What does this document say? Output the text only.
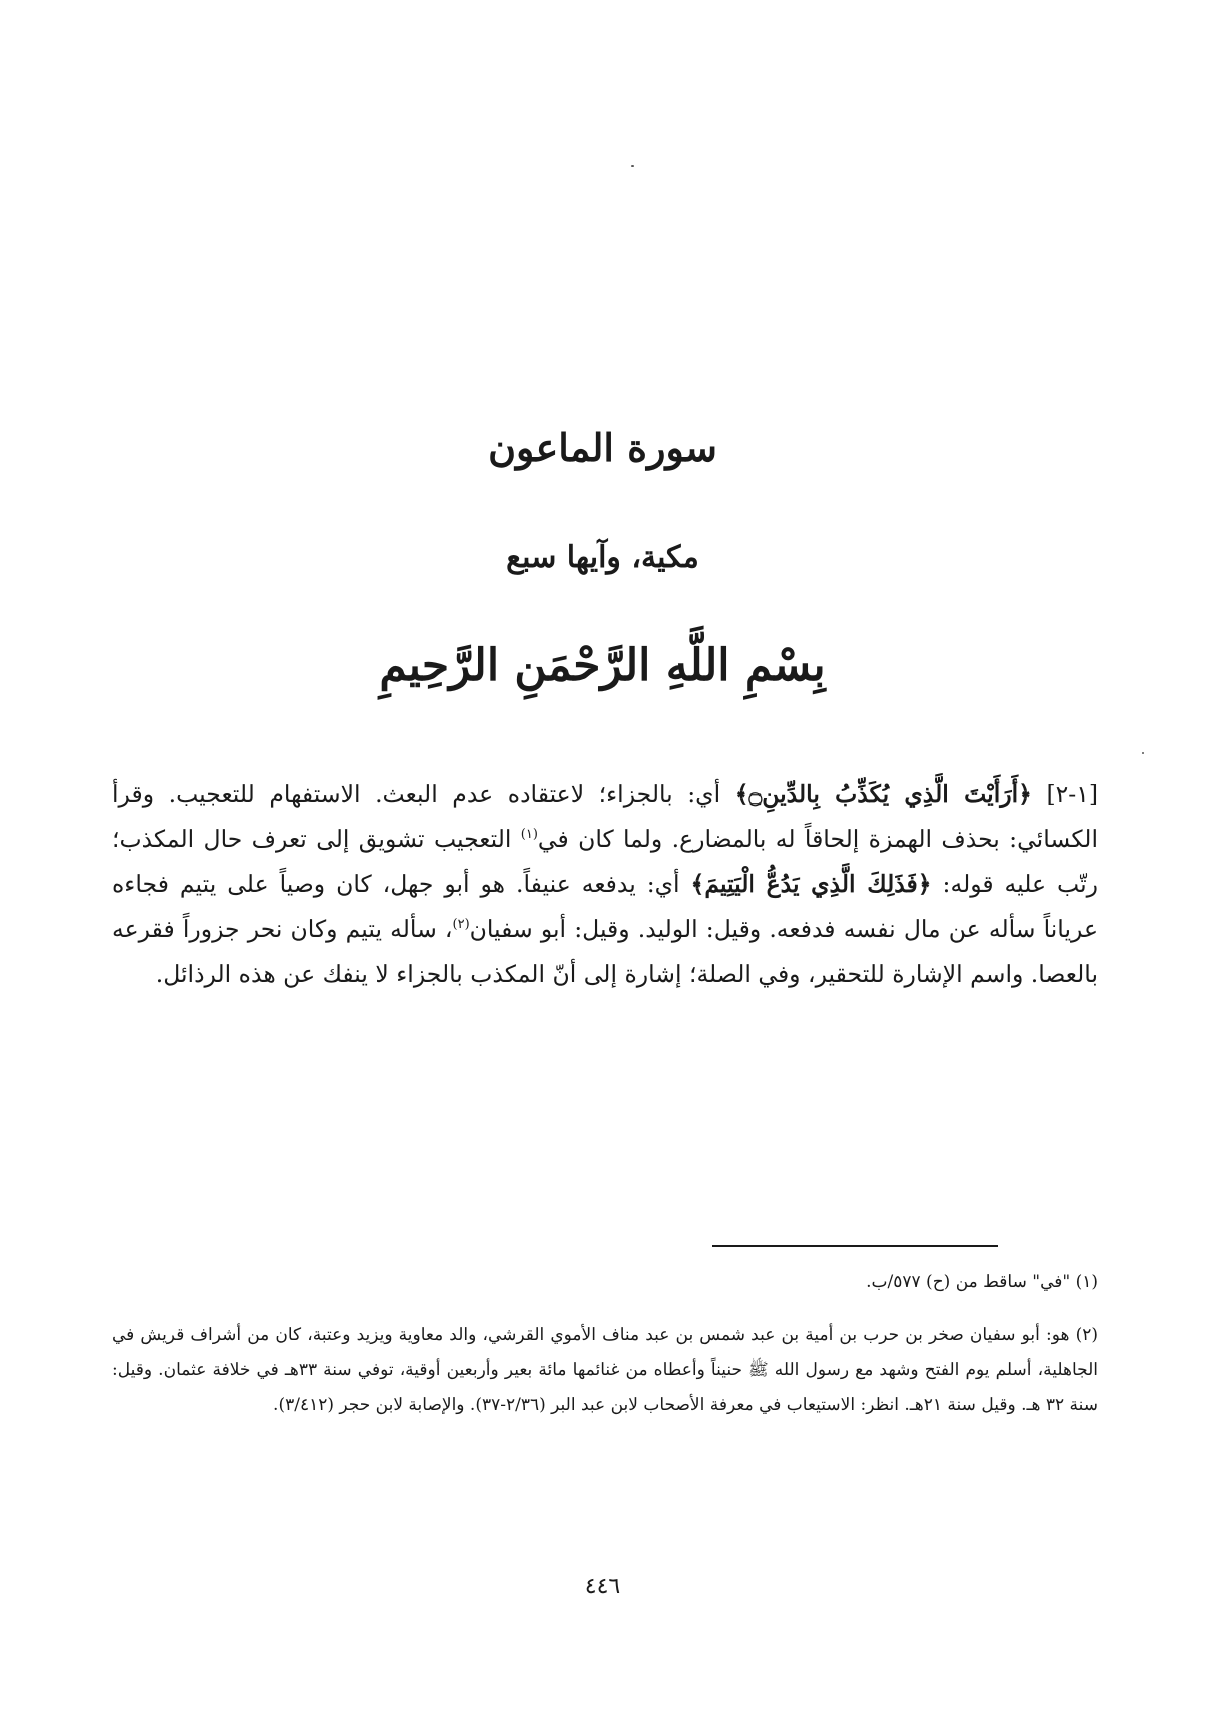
سورة الماعون
مكية، وآيها سبع
بِسْمِ اللَّهِ الرَّحْمَنِ الرَّحِيمِ

[١-٢] ﴿أَرَأَيْتَ الَّذِي يُكَذِّبُ بِالدِّينِ۝﴾ أي: بالجزاء؛ لاعتقاده عدم البعث. الاستفهام للتعجيب. وقرأ الكسائي: بحذف الهمزة إلحاقاً له بالمضارع. ولما كان في$^{(١)}$ التعجيب تشويق إلى تعرف حال المكذب؛ رتّب عليه قوله: ﴿فَذَلِكَ الَّذِي يَدُعُّ الْيَتِيمَ﴾ أي: يدفعه عنيفاً. هو أبو جهل، كان وصياً على يتيم فجاءه عرياناً سأله عن مال نفسه فدفعه. وقيل: الوليد. وقيل: أبو سفيان$^{(٢)}$، سأله يتيم وكان نحر جزوراً فقرعه بالعصا. واسم الإشارة للتحقير، وفي الصلة؛ إشارة إلى أنّ المكذب بالجزاء لا ينفك عن هذه الرذائل.

(١) "في" ساقط من (ح) ٥٧٧/ب.

(٢) هو: أبو سفيان صخر بن حرب بن أمية بن عبد شمس بن عبد مناف الأموي القرشي، والد معاوية ويزيد وعتبة، كان من أشراف قريش في الجاهلية، أسلم يوم الفتح وشهد مع رسول الله ﷺ حنيناً وأعطاه من غنائمها مائة بعير وأربعين أوقية، توفي سنة ٣٣هـ في خلافة عثمان. وقيل: سنة ٣٢ هـ. وقيل سنة ٢١هـ. انظر: الاستيعاب في معرفة الأصحاب لابن عبد البر (٢/٣٦-٣٧). والإصابة لابن حجر (٣/٤١٢).

٤٤٦
